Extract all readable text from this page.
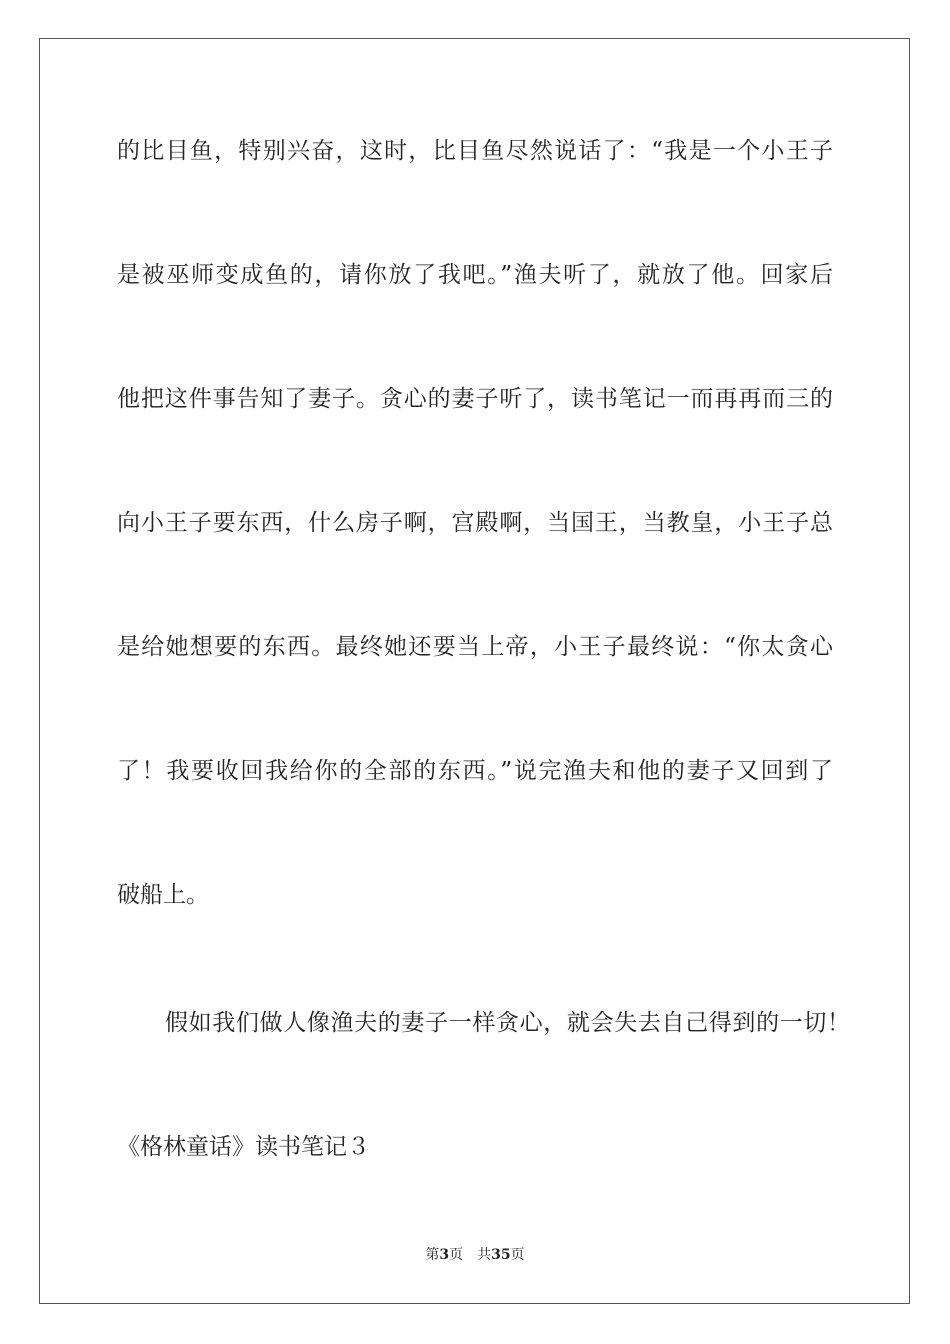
的比目鱼，特别兴奋，这时，比目鱼尽然说话了：“我是一个小王子
是被巫师变成鱼的，请你放了我吧。”渔夫听了，就放了他。回家后
他把这件事告知了妻子。贪心的妻子听了，读书笔记一而再再而三的
向小王子要东西，什么房子啊，宫殿啊，当国王，当教皇，小王子总
是给她想要的东西。最终她还要当上帝，小王子最终说：“你太贪心
了！我要收回我给你的全部的东西。”说完渔夫和他的妻子又回到了
破船上。
假如我们做人像渔夫的妻子一样贪心，就会失去自己得到的一切！
《格林童话》读书笔记３
第3页 共35页
